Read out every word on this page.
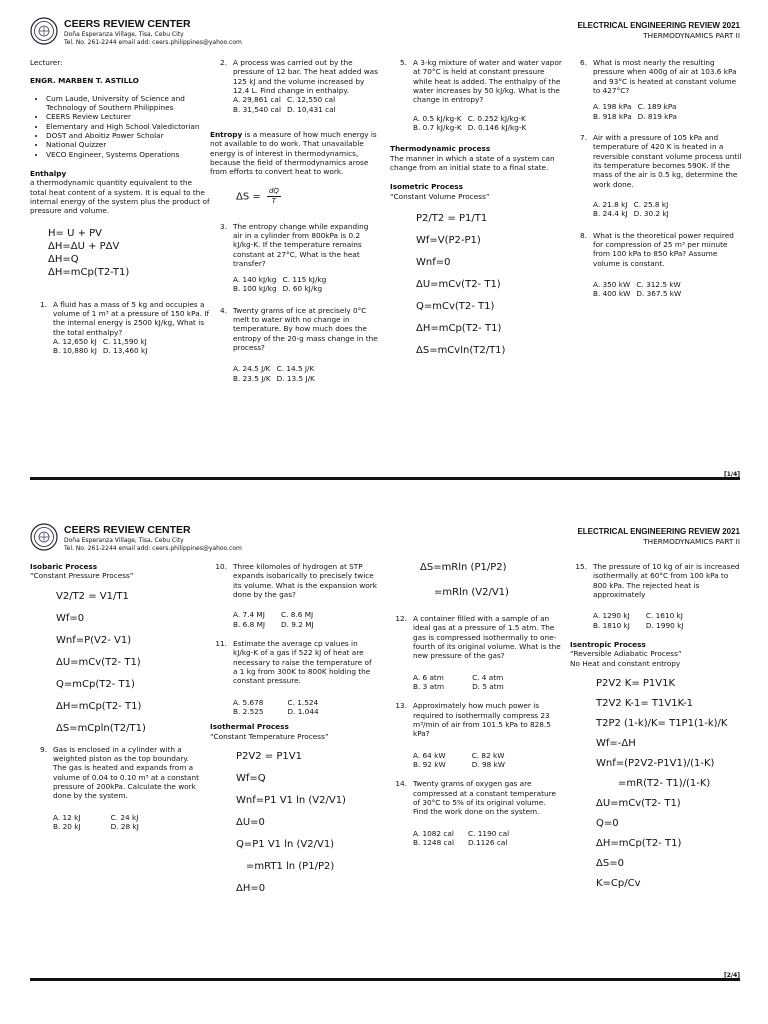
CEERS REVIEW CENTER
Doña Esperanza Village, Tisa, Cebu City
Tel. No. 261-2244 email add: ceers.philippines@yahoo.com
ELECTRICAL ENGINEERING REVIEW 2021
THERMODYNAMICS PART II
Lecturer:
ENGR. MARBEN T. ASTILLO
• Cum Laude, University of Science and Technology of Southern Philippines
• CEERS Review Lecturer
• Elementary and High School Valedictorian
• DOST and Aboitiz Power Scholar
• National Quizzer
• VECO Engineer, Systems Operations
Enthalpy
a thermodynamic quantity equivalent to the total heat content of a system. It is equal to the internal energy of the system plus the product of pressure and volume.
H= U + PV
ΔH=ΔU + PΔV
ΔH=Q
ΔH=mCp(T2-T1)
1. A fluid has a mass of 5 kg and occupies a volume of 1 m³ at a pressure of 150 kPa. If the internal energy is 2500 kJ/kg, What is the total enthalpy?
A. 12,650 kJ C. 11,590 kJ
B. 10,880 kJ D. 13,460 kJ
2. A process was carried out by the pressure of 12 bar. The heat added was 125 kJ and the volume increased by 12.4 L. Find change in enthalpy.
A. 29,861 cal C. 12,550 cal
B. 31,540 cal D. 10,431 cal
Entropy is a measure of how much energy is not available to do work. That unavailable energy is of interest in thermodynamics, because the field of thermodynamics arose from efforts to convert heat to work.
$\Delta S = \frac{dQ}{T}$
3. The entropy change while expanding air in a cylinder from 800kPa is 0.2 kJ/kg-K. If the temperature remains constant at 27°C, What is the heat transfer?
A. 140 kJ/kg C. 115 kJ/kg
B. 100 kJ/kg D. 60 kJ/kg
4. Twenty grams of ice at precisely 0°C melt to water with no change in temperature. By how much does the entropy of the 20-g mass change in the process?
A. 24.5 J/K C. 14.5 J/K
B. 23.5 J/K D. 13.5 J/K
5. A 3-kg mixture of water and water vapor at 70°C is held at constant pressure while heat is added. The enthalpy of the water increases by 50 kJ/kg. What is the change in entropy?
A. 0.5 kJ/kg-K C. 0.252 kJ/kg-K
B. 0.7 kJ/kg-K D. 0.146 kJ/kg-K
Thermodynamic process
The manner in which a state of a system can change from an initial state to a final state.
Isometric Process
“Constant Volume Process”
P2/T2 = P1/T1
Wf=V(P2-P1)
Wnf=0
ΔU=mCv(T2- T1)
Q=mCv(T2- T1)
ΔH=mCp(T2- T1)
ΔS=mCvln(T2/T1)
6. What is most nearly the resulting pressure when 400g of air at 103.6 kPa and 93°C is heated at constant volume to 427°C?
A. 198 kPa C. 189 kPa
B. 918 kPa D. 819 kPa
7. Air with a pressure of 105 kPa and temperature of 420 K is heated in a reversible constant volume process until its temperature becomes 590K. If the mass of the air is 0.5 kg, determine the work done.
A. 21.8 kJ C. 25.8 kJ
B. 24.4 kJ D. 30.2 kJ
8. What is the theoretical power required for compression of 25 m³ per minute from 100 kPa to 850 kPa? Assume volume is constant.
A. 350 kW C. 312.5 kW
B. 400 kW D. 367.5 kW
[1/4]
CEERS REVIEW CENTER
Doña Esperanza Village, Tisa, Cebu City
Tel. No. 261-2244 email add: ceers.philippines@yahoo.com
ELECTRICAL ENGINEERING REVIEW 2021
THERMODYNAMICS PART II
Isobaric Process
“Constant Pressure Process”
V2/T2 = V1/T1
Wf=0
Wnf=P(V2- V1)
ΔU=mCv(T2- T1)
Q=mCp(T2- T1)
ΔH=mCp(T2- T1)
ΔS=mCpln(T2/T1)
9. Gas is enclosed in a cylinder with a weighted piston as the top boundary. The gas is heated and expands from a volume of 0.04 to 0.10 m³ at a constant pressure of 200kPa. Calculate the work done by the system.
A. 12 kJ	C. 24 kJ
B. 20 kJ	D. 28 kJ
10. Three kilomoles of hydrogen at STP expands isobarically to precisely twice its volume. What is the expansion work done by the gas?
A. 7.4 MJ C. 8.6 MJ
B. 6.8 MJ D. 9.2 MJ
11. Estimate the average cp values in kJ/kg-K of a gas if 522 kJ of heat are necessary to raise the temperature of a 1 kg from 300K to 800K holding the constant pressure.
A. 5.678	C. 1.524
B. 2.525	D. 1.044
Isothermal Process
“Constant Temperature Process”
P2V2 = P1V1
Wf=Q
Wnf=P1 V1 ln (V2/V1)
ΔU=0
Q=P1 V1 ln (V2/V1)
=mRT1 ln (P1/P2)
ΔH=0
ΔS=mRln (P1/P2)
=mRln (V2/V1)
12. A container filled with a sample of an ideal gas at a pressure of 1.5 atm. The gas is compressed isothermally to one-fourth of its original volume. What is the new pressure of the gas?
A. 6 atm	C. 4 atm
B. 3 atm	D. 5 atm
13. Approximately how much power is required to isothermally compress 23 m³/min of air from 101.5 kPa to 828.5 kPa?
A. 64 kW	C. 82 kW
B. 92 kW	D. 98 kW
14. Twenty grams of oxygen gas are compressed at a constant temperature of 30°C to 5% of its original volume. Find the work done on the system.
A. 1082 cal C. 1190 cal
B. 1248 cal D.1126 cal
15. The pressure of 10 kg of air is increased isothermally at 60°C from 100 kPa to 800 kPa. The rejected heat is approximately
A. 1290 kJ C. 1610 kJ
B. 1810 kJ D. 1990 kJ
Isentropic Process
“Reversible Adiabatic Process”
No Heat and constant entropy
P2V2 K= P1V1K
T2V2 K-1= T1V1K-1
T2P2 (1-k)/K= T1P1(1-k)/K
Wf=-ΔH
Wnf=(P2V2-P1V1)/(1-K)
=mR(T2- T1)/(1-K)
ΔU=mCv(T2- T1)
Q=0
ΔH=mCp(T2- T1)
ΔS=0
K=Cp/Cv
[2/4]
